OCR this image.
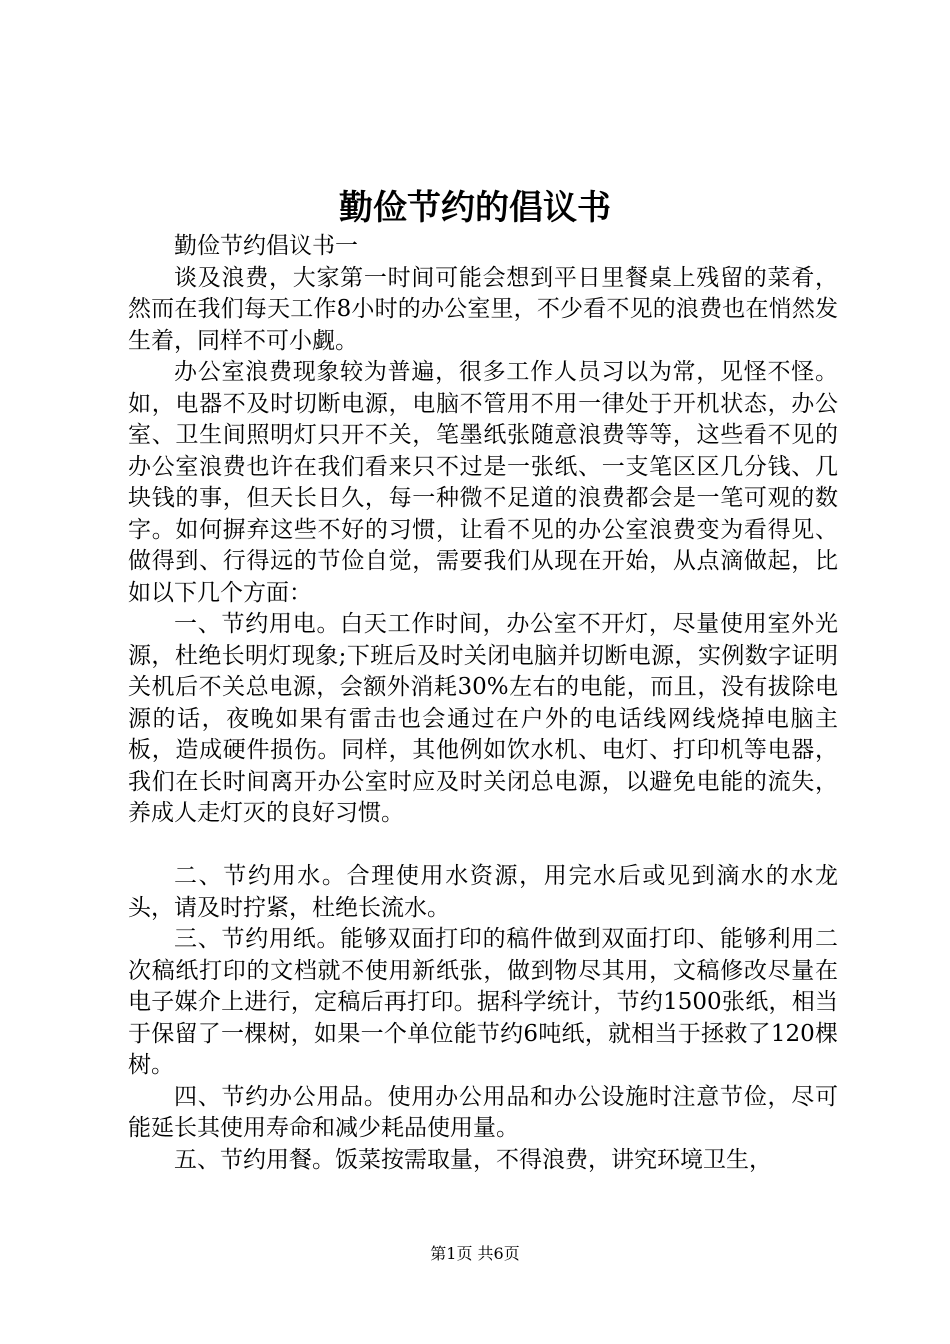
勤俭节约的倡议书

勤俭节约倡议书一

谈及浪费，大家第一时间可能会想到平日里餐桌上残留的菜肴，然而在我们每天工作8小时的办公室里，不少看不见的浪费也在悄然发生着，同样不可小觑。

办公室浪费现象较为普遍，很多工作人员习以为常，见怪不怪。如，电器不及时切断电源，电脑不管用不用一律处于开机状态，办公室、卫生间照明灯只开不关，笔墨纸张随意浪费等等，这些看不见的办公室浪费也许在我们看来只不过是一张纸、一支笔区区几分钱、几块钱的事，但天长日久，每一种微不足道的浪费都会是一笔可观的数字。如何摒弃这些不好的习惯，让看不见的办公室浪费变为看得见、做得到、行得远的节俭自觉，需要我们从现在开始，从点滴做起，比如以下几个方面：

一、节约用电。白天工作时间，办公室不开灯，尽量使用室外光源，杜绝长明灯现象;下班后及时关闭电脑并切断电源，实例数字证明关机后不关总电源，会额外消耗30%左右的电能，而且，没有拔除电源的话，夜晚如果有雷击也会通过在户外的电话线网线烧掉电脑主板，造成硬件损伤。同样，其他例如饮水机、电灯、打印机等电器，我们在长时间离开办公室时应及时关闭总电源，以避免电能的流失，养成人走灯灭的良好习惯。

二、节约用水。合理使用水资源，用完水后或见到滴水的水龙头，请及时拧紧，杜绝长流水。

三、节约用纸。能够双面打印的稿件做到双面打印、能够利用二次稿纸打印的文档就不使用新纸张，做到物尽其用，文稿修改尽量在电子媒介上进行，定稿后再打印。据科学统计，节约1500张纸，相当于保留了一棵树，如果一个单位能节约6吨纸，就相当于拯救了120棵树。

四、节约办公用品。使用办公用品和办公设施时注意节俭，尽可能延长其使用寿命和减少耗品使用量。

五、节约用餐。饭菜按需取量，不得浪费，讲究环境卫生，

第1页 共6页
